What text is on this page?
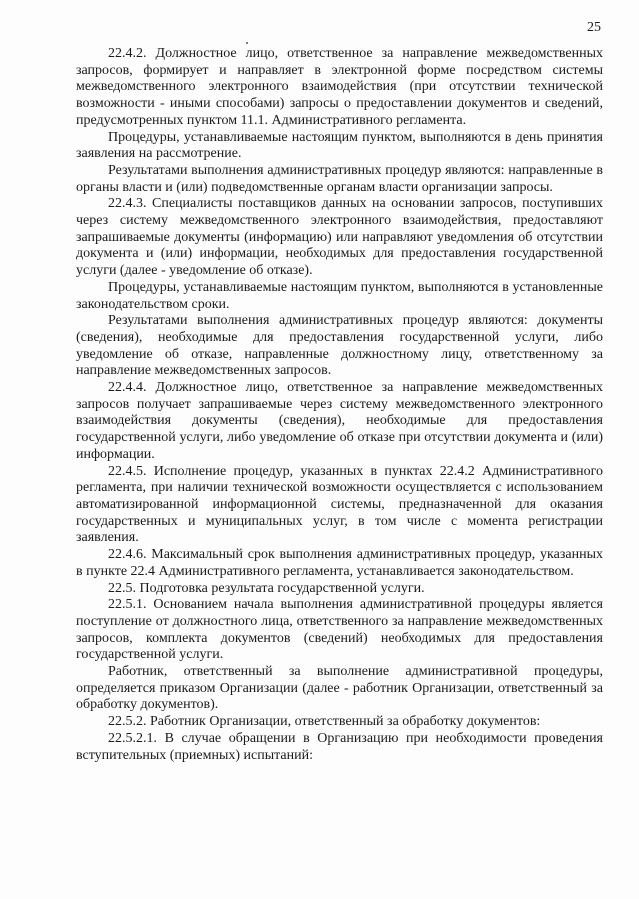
25

22.4.2. Должностное лицо, ответственное за направление межведомственных запросов, формирует и направляет в электронной форме посредством системы межведомственного электронного взаимодействия (при отсутствии технической возможности - иными способами) запросы о предоставлении документов и сведений, предусмотренных пунктом 11.1. Административного регламента.

Процедуры, устанавливаемые настоящим пунктом, выполняются в день принятия заявления на рассмотрение.

Результатами выполнения административных процедур являются: направленные в органы власти и (или) подведомственные органам власти организации запросы.

22.4.3. Специалисты поставщиков данных на основании запросов, поступивших через систему межведомственного электронного взаимодействия, предоставляют запрашиваемые документы (информацию) или направляют уведомления об отсутствии документа и (или) информации, необходимых для предоставления государственной услуги (далее - уведомление об отказе).

Процедуры, устанавливаемые настоящим пунктом, выполняются в установленные законодательством сроки.

Результатами выполнения административных процедур являются: документы (сведения), необходимые для предоставления государственной услуги, либо уведомление об отказе, направленные должностному лицу, ответственному за направление межведомственных запросов.

22.4.4. Должностное лицо, ответственное за направление межведомственных запросов получает запрашиваемые через систему межведомственного электронного взаимодействия документы (сведения), необходимые для предоставления государственной услуги, либо уведомление об отказе при отсутствии документа и (или) информации.

22.4.5. Исполнение процедур, указанных в пунктах 22.4.2 Административного регламента, при наличии технической возможности осуществляется с использованием автоматизированной информационной системы, предназначенной для оказания государственных и муниципальных услуг, в том числе с момента регистрации заявления.

22.4.6. Максимальный срок выполнения административных процедур, указанных в пункте 22.4 Административного регламента, устанавливается законодательством.

22.5. Подготовка результата государственной услуги.

22.5.1. Основанием начала выполнения административной процедуры является поступление от должностного лица, ответственного за направление межведомственных запросов, комплекта документов (сведений) необходимых для предоставления государственной услуги.

Работник, ответственный за выполнение административной процедуры, определяется приказом Организации (далее - работник Организации, ответственный за обработку документов).

22.5.2. Работник Организации, ответственный за обработку документов:

22.5.2.1. В случае обращении в Организацию при необходимости проведения вступительных (приемных) испытаний:
